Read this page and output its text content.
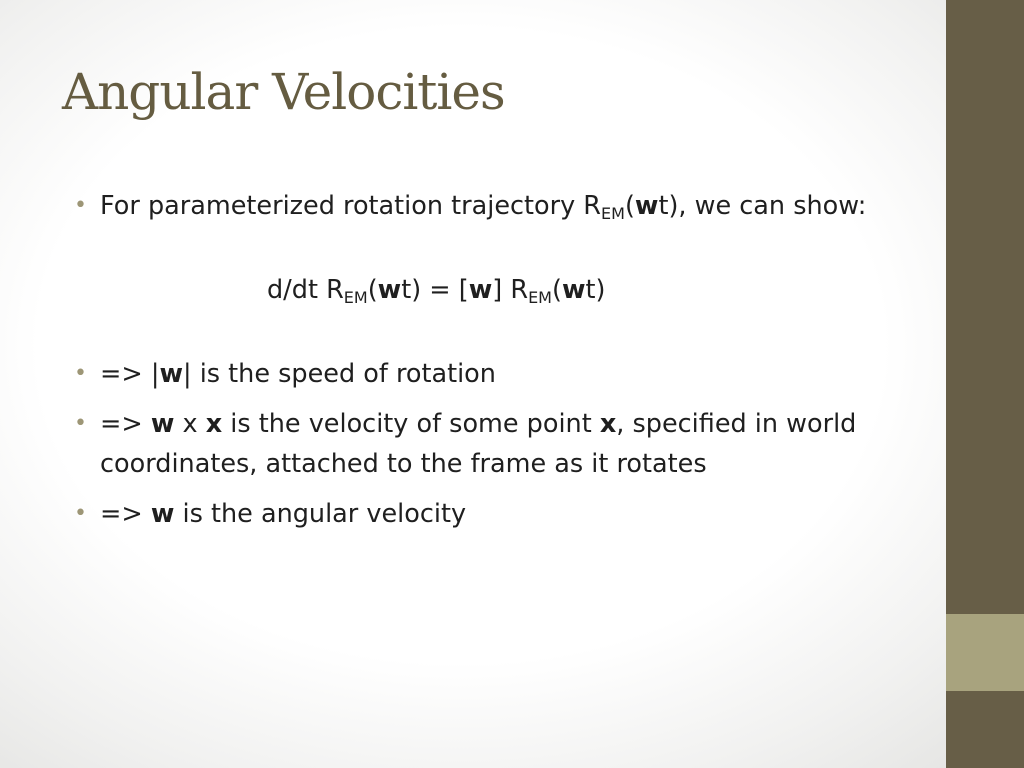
Angular Velocities

• For parameterized rotation trajectory $R_{EM}(wt)$, we can show:

d/dt $R_{EM}(wt) = [w]$ $R_{EM}(wt)$

• => |w| is the speed of rotation

• => w x x is the velocity of some point x, specified in world coordinates, attached to the frame as it rotates

• => w is the angular velocity
